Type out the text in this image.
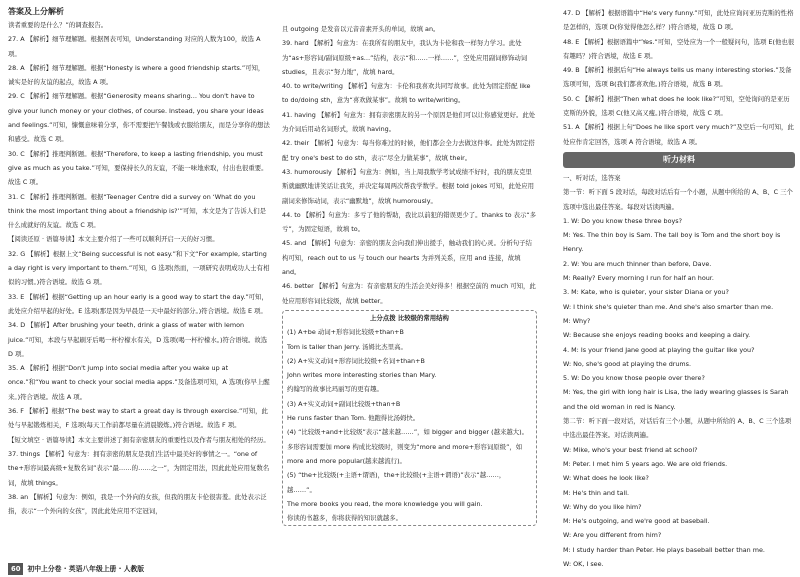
答案及上分解析

读者重要的是什么？”的调查报告。

27. A 【解析】细节理解题。根据图表可知，Understanding 对应的人数为100，故选 A 项。

28. A 【解析】细节理解题。根据“Honesty is where a good friendship starts.”可知，诚实是好的友谊的起点，故选 A 项。

29. C 【解析】细节理解题。根据“Generosity means sharing… You don't have to give your lunch money or your clothes, of course. Instead, you share your ideas and feelings.”可知，慷慨意味着分享，你不需要把午餐钱或衣服给朋友，而是分享你的想法和感受。故选 C 项。

30. C 【解析】推理判断题。根据“Therefore, to keep a lasting friendship, you must give as much as you take.”可知，要保持长久的友谊，不能一味地索取，付出也很重要。故选 C 项。

31. C 【解析】推理判断题。根据“Teenager Centre did a survey on ‘What do you think the most important thing about a friendship is?’”可知，本文是为了告诉人们是什么成就好的友谊。故选 C 项。

【阅读还原 · 语篇导读】本文主要介绍了一些可以顺利开启一天的好习惯。

32. G 【解析】根据上文“Being successful is not easy.”和下文“For example, starting a day right is very important to them.”可知，G 选项(然而，一项研究表明成功人士有相似的习惯。)符合语境。故选 G 项。

33. E 【解析】根据“Getting up an hour early is a good way to start the day.”可知，此处应介绍早起的好处。E 选项(那是因为早晨是一天中最好的部分。)符合语境。故选 E 项。

34. D 【解析】After brushing your teeth, drink a glass of water with lemon juice.”可知，本段与早起刷牙后喝一杯柠檬水有关，D 选项(喝一杯柠檬水。)符合语境。故选 D 项。

35. A 【解析】根据“Don't jump into social media after you wake up at once.”和“You want to check your social media apps.”及备选项可知，A 选项(你早上醒来。)符合语境。故选 A 项。

36. F 【解析】根据“The best way to start a great day is through exercise.”可知，此处与早起锻炼相关，F 选项(每天工作前都尽量在清晨锻炼。)符合语境。故选 F 项。

【短文填空 · 语篇导读】本文主要讲述了拥有亲密朋友的重要性以及作者与朋友相处的经历。

37. things 【解析】句意为：拥有亲密的朋友是我们生活中最美好的事情之一。“one of the+形容词最高级+复数名词”表示“最……的……之一”，为固定用法，因此此处应用复数名词，故填 things。

38. an 【解析】句意为：例如，我是一个外向的女孩，但我的朋友卡伦很害羞。此处表示泛指，表示“一个外向的女孩”，因此此处应用不定冠词，

且 outgoing 是发音以元音音素开头的单词，故填 an。

39. hard 【解析】句意为：在我所有的朋友中，我认为卡伦和我一样努力学习。此处为“as+形容词/副词原级+as…”结构，表示“和……一样……”，空处应用副词修饰动词 studies，且表示“努力地”，故填 hard。

40. to write/writing 【解析】句意为：卡伦和我喜欢共同写故事。此处为固定搭配 like to do/doing sth，意为“喜欢做某事”。故填 to write/writing。

41. having 【解析】句意为：拥有亲密朋友的另一个原因是他们可以让你感觉更好。此处为介词后用动名词形式，故填 having。

42. their 【解析】句意为：每当你难过的时候，他们都会全力去做这件事。此处为固定搭配 try one's best to do sth，表示“尽全力做某事”，故填 their。

43. humorously 【解析】句意为：例如，当上周我数学考试成绩不好时，我的朋友克里斯就幽默地讲笑话让我笑，并决定每周两次帮我学数学。根据 told jokes 可知，此处应用副词来修饰动词，表示“幽默地”，故填 humorously。

44. to 【解析】句意为：多亏了他的帮助，我比以前犯的错误更少了。thanks to 表示“多亏”，为固定短语，故填 to。

45. and 【解析】句意为：亲密的朋友会向我们伸出援手，触动我们的心灵。分析句子结构可知，reach out to us 与 touch our hearts 为并列关系，应用 and 连接，故填 and。

46. better 【解析】句意为：有亲密朋友的生活会美好得多！根据空前的 much 可知，此处应用形容词比较级，故填 better。

上分点拨 比较级的常用结构

(1) A+be 动词+形容词比较级+than+B

Tom is taller than Jerry. 汤姆比杰里高。

(2) A+实义动词+形容词比较级+名词+than+B

John writes more interesting stories than Mary.

约翰写的故事比玛丽写的更有趣。

(3) A+实义动词+副词比较级+than+B

He runs faster than Tom. 他跑得比汤姆快。

(4) “比较级+and+比较级”表示“越来越……”，如 bigger and bigger (越来越大)。多形容词需要加 more 构成比较级时，则变为“more and more+形容词原级”，如 more and more popular(越来越流行)。

(5) “the+比较级(+主语+谓语)，the+比较级(+主语+谓语)”表示“越……，越……”。

The more books you read, the more knowledge you will gain.

你读的书越多，你将获得的知识就越多。

47. D 【解析】根据语篇中“He's very funny.”可知，此处应询问亚历克斯的性格是怎样的，选项 D(你觉得他怎么样？)符合语境，故选 D 项。

48. E 【解析】根据语篇中“Yes.”可知，空处应为一个一般疑问句，选项 E(他也很有趣吗？)符合语境，故选 E 项。

49. B 【解析】根据后句“He always tells us many interesting stories.”及备选项可知，选项 B(我们都喜欢他。)符合语境，故选 B 项。

50. C 【解析】根据“Then what does he look like?”可知，空处询问的是亚历克斯的外貌，选项 C(他又高又瘦。)符合语境，故选 C 项。

51. A 【解析】根据上句“Does he like sport very much?”及空后一句可知，此处应作肯定回答，选项 A 符合语境，故选 A 项。

听力材料

一、听对话，选答案

第一节：听下面 5 段对话，每段对话后有一个小题，从题中所给的 A、B、C 三个选项中选出最佳答案。每段对话读两遍。

1. W: Do you know these three boys?

M: Yes. The thin boy is Sam. The tall boy is Tom and the short boy is Henry.

2. W: You are much thinner than before, Dave.

M: Really? Every morning I run for half an hour.

3. M: Kate, who is quieter, your sister Diana or you?

W: I think she's quieter than me. And she's also smarter than me.

M: Why?

W: Because she enjoys reading books and keeping a dairy.

4. M: Is your friend Jane good at playing the guitar like you?

W: No, she's good at playing the drums.

5. W: Do you know those people over there?

M: Yes, the girl with long hair is Lisa, the lady wearing glasses is Sarah and the old woman in red is Nancy.

第二节：听下面一段对话，对话后有三个小题，从题中所给的 A、B、C 三个选项中选出最佳答案。对话读两遍。

W: Mike, who's your best friend at school?

M: Peter. I met him 5 years ago. We are old friends.

W: What does he look like?

M: He's thin and tall.

W: Why do you like him?

M: He's outgoing, and we're good at baseball.

W: Are you different from him?

M: I study harder than Peter. He plays baseball better than me.

W: OK, I see.

60 初中上分卷 · 英语八年级上册 · 人教版
